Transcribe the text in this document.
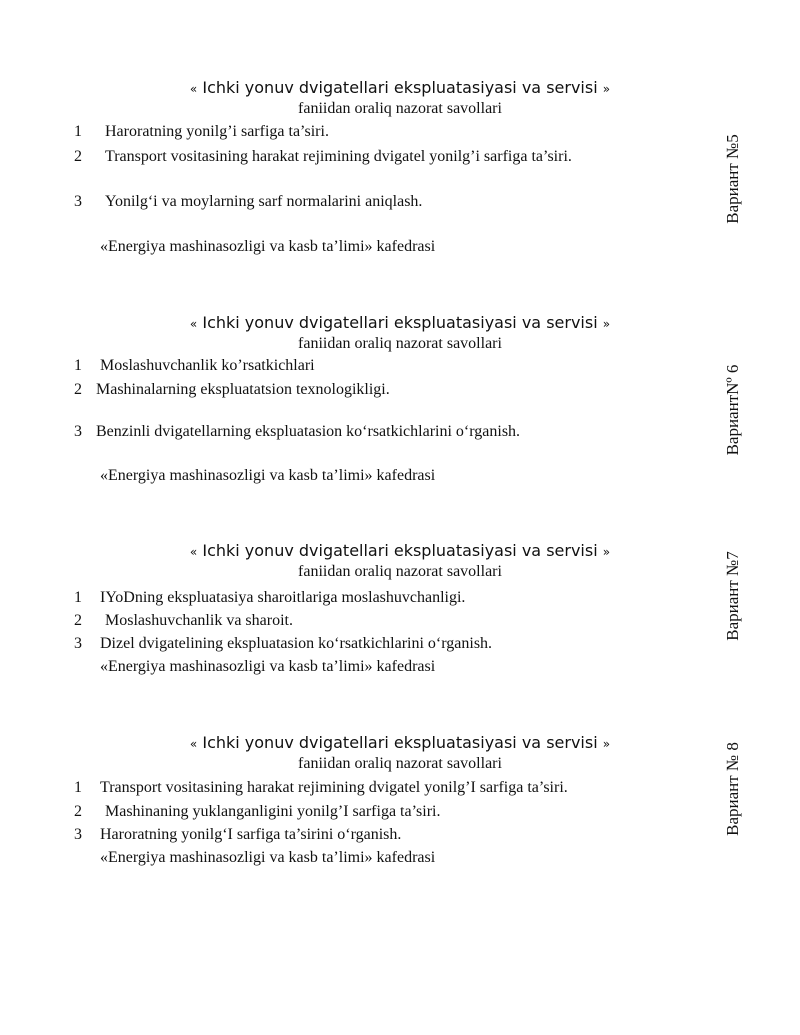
« Ichki yonuv dvigatellari ekspluatasiyasi va servisi »
faniidan oraliq nazorat savollari
1 Haroratning yonilg’i sarfiga ta’siri.
2 Transport vositasining harakat rejimining dvigatel yonilg’i sarfiga ta’siri.
3 Yonilg‘i va moylarning sarf normalarini aniqlash.
«Energiya mashinasozligi va kasb ta’limi» kafedrasi
Вариант №5
« Ichki yonuv dvigatellari ekspluatasiyasi va servisi »
faniidan oraliq nazorat savollari
1 Moslashuvchanlik ko’rsatkichlari
2 Mashinalarning ekspluatatsion texnologikligi.
3 Benzinli dvigatellarning ekspluatasion ko‘rsatkichlarini o‘rganish.
«Energiya mashinasozligi va kasb ta’limi» kafedrasi
ВариантNº 6
« Ichki yonuv dvigatellari ekspluatasiyasi va servisi »
faniidan oraliq nazorat savollari
1 IYoDning ekspluatasiya sharoitlariga moslashuvchanligi.
2 Moslashuvchanlik va sharoit.
3 Dizel dvigatelining ekspluatasion ko‘rsatkichlarini o‘rganish.
«Energiya mashinasozligi va kasb ta’limi» kafedrasi
Вариант №7
« Ichki yonuv dvigatellari ekspluatasiyasi va servisi »
faniidan oraliq nazorat savollari
1 Transport vositasining harakat rejimining dvigatel yonilg’I sarfiga ta’siri.
2 Mashinaning yuklanganligini yonilg’I sarfiga ta’siri.
3 Haroratning yonilg‘I sarfiga ta’sirini o‘rganish.
«Energiya mashinasozligi va kasb ta’limi» kafedrasi
Вариант № 8
